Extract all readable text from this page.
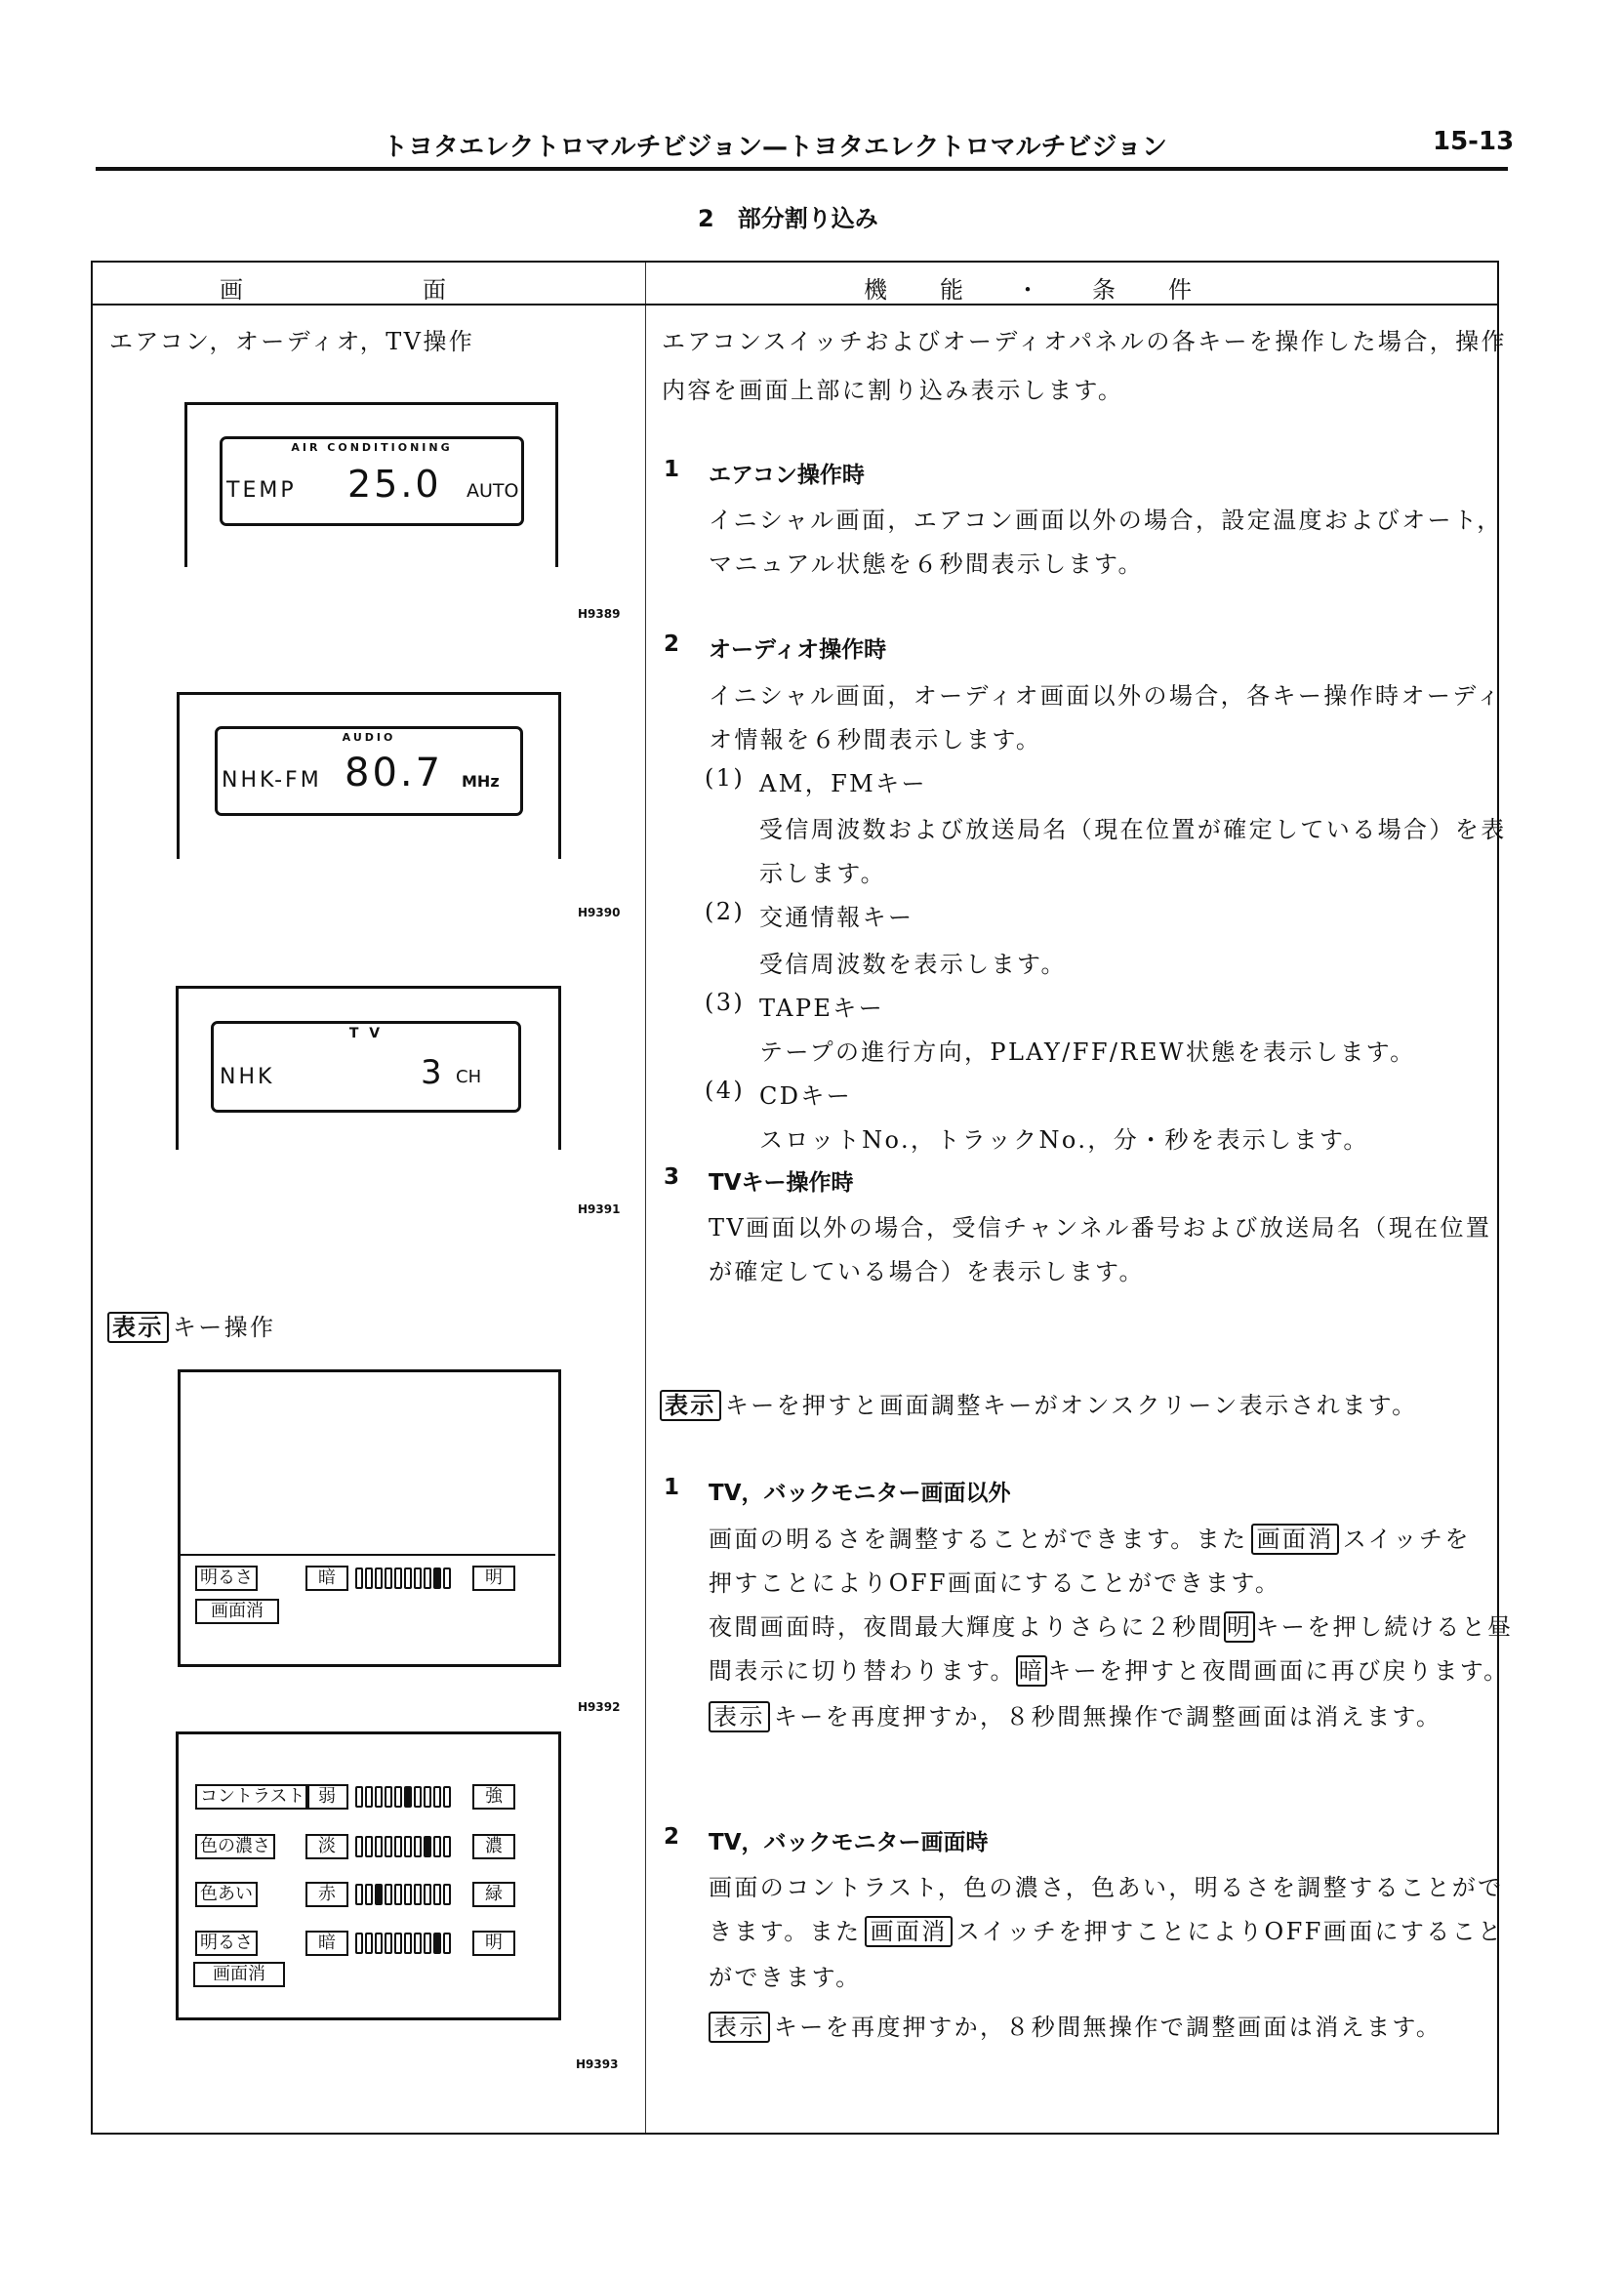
トヨタエレクトロマルチビジョン—トヨタエレクトロマルチビジョン	15-13
2　部分割り込み
画　　　　　　　面	機　　能　　・　　条　　件
エアコン，オーディオ，TV操作
AIR CONDITIONING
TEMP 25.0 AUTO
H9389
AUDIO
NHK-FM 80.7 MHz
H9390
T V
NHK	3 CH
H9391
表示 キー操作
明るさ	暗	明
画面消
H9392
コントラスト 弱	強
色の濃さ	淡	濃
色あい	赤	緑
明るさ	暗	明
画面消
H9393
エアコンスイッチおよびオーディオパネルの各キーを操作した場合，操作
内容を画面上部に割り込み表示します。
1 エアコン操作時
イニシャル画面，エアコン画面以外の場合，設定温度およびオート，
マニュアル状態を６秒間表示します。
2 オーディオ操作時
イニシャル画面，オーディオ画面以外の場合，各キー操作時オーディ
オ情報を６秒間表示します。
(1) AM，FMキー
受信周波数および放送局名（現在位置が確定している場合）を表
示します。
(2) 交通情報キー
受信周波数を表示します。
(3) TAPEキー
テープの進行方向，PLAY/FF/REW状態を表示します。
(4) CDキー
スロットNo.，トラックNo.，分・秒を表示します。
3 TVキー操作時
TV画面以外の場合，受信チャンネル番号および放送局名（現在位置
が確定している場合）を表示します。
表示 キーを押すと画面調整キーがオンスクリーン表示されます。
1 TV，バックモニター画面以外
画面の明るさを調整することができます。また 画面消 スイッチを
押すことによりOFF画面にすることができます。
夜間画面時，夜間最大輝度よりさらに２秒間 明 キーを押し続けると昼
間表示に切り替わります。 暗 キーを押すと夜間画面に再び戻ります。
表示 キーを再度押すか，８秒間無操作で調整画面は消えます。
2 TV，バックモニター画面時
画面のコントラスト，色の濃さ，色あい，明るさを調整することがで
きます。また 画面消 スイッチを押すことによりOFF画面にすること
ができます。
表示 キーを再度押すか，８秒間無操作で調整画面は消えます。
